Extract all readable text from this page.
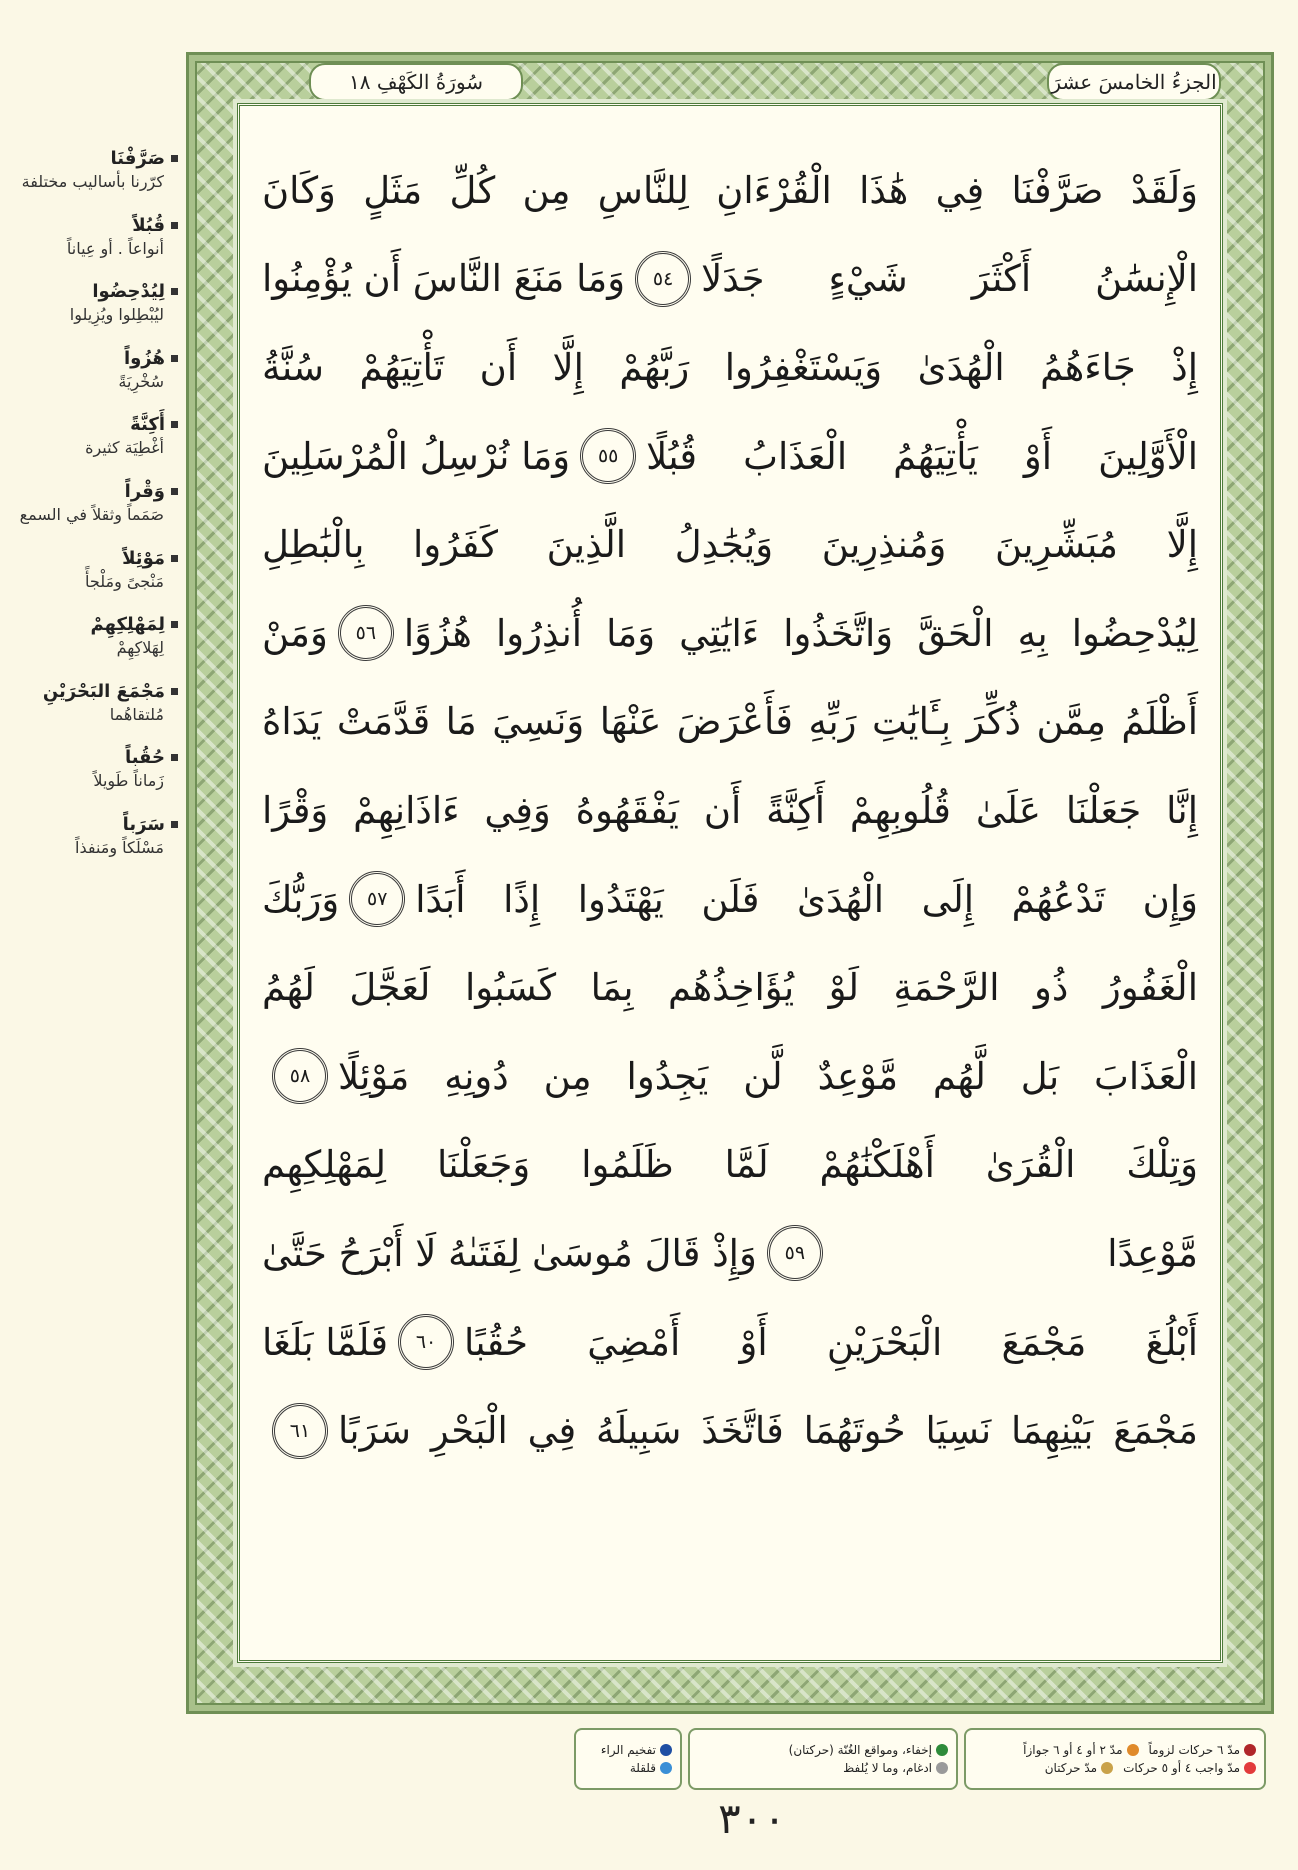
سُورَةُ الكَهْفِ ١٨	الجزءُ الخامسَ عشرَ
وَلَقَدْ صَرَّفْنَا فِي هَٰذَا الْقُرْءَانِ لِلنَّاسِ مِن كُلِّ مَثَلٍ وَكَانَ
الْإِنسَٰنُ أَكْثَرَ شَيْءٍ جَدَلًا
٥٤
وَمَا مَنَعَ النَّاسَ أَن يُؤْمِنُوا
إِذْ جَاءَهُمُ الْهُدَىٰ وَيَسْتَغْفِرُوا رَبَّهُمْ إِلَّا أَن تَأْتِيَهُمْ سُنَّةُ
الْأَوَّلِينَ أَوْ يَأْتِيَهُمُ الْعَذَابُ قُبُلًا
٥٥
وَمَا نُرْسِلُ الْمُرْسَلِينَ
إِلَّا مُبَشِّرِينَ وَمُنذِرِينَ وَيُجَٰدِلُ الَّذِينَ كَفَرُوا بِالْبَٰطِلِ
لِيُدْحِضُوا بِهِ الْحَقَّ وَاتَّخَذُوا ءَايَٰتِي وَمَا أُنذِرُوا هُزُوًا
٥٦
وَمَنْ
أَظْلَمُ مِمَّن ذُكِّرَ بِـَٔايَٰتِ رَبِّهِ فَأَعْرَضَ عَنْهَا وَنَسِيَ مَا قَدَّمَتْ يَدَاهُ
إِنَّا جَعَلْنَا عَلَىٰ قُلُوبِهِمْ أَكِنَّةً أَن يَفْقَهُوهُ وَفِي ءَاذَانِهِمْ وَقْرًا
وَإِن تَدْعُهُمْ إِلَى الْهُدَىٰ فَلَن يَهْتَدُوا إِذًا أَبَدًا
٥٧
وَرَبُّكَ
الْغَفُورُ ذُو الرَّحْمَةِ لَوْ يُؤَاخِذُهُم بِمَا كَسَبُوا لَعَجَّلَ لَهُمُ
الْعَذَابَ بَل لَّهُم مَّوْعِدٌ لَّن يَجِدُوا مِن دُونِهِ مَوْئِلًا
٥٨
وَتِلْكَ الْقُرَىٰ أَهْلَكْنَٰهُمْ لَمَّا ظَلَمُوا وَجَعَلْنَا لِمَهْلِكِهِم
مَّوْعِدًا
٥٩
وَإِذْ قَالَ مُوسَىٰ لِفَتَىٰهُ لَا أَبْرَحُ حَتَّىٰ
أَبْلُغَ مَجْمَعَ الْبَحْرَيْنِ أَوْ أَمْضِيَ حُقُبًا
٦٠
فَلَمَّا بَلَغَا
مَجْمَعَ بَيْنِهِمَا نَسِيَا حُوتَهُمَا فَاتَّخَذَ سَبِيلَهُ فِي الْبَحْرِ سَرَبًا
٦١
صَرَّفْنَا
كرّرنا بأساليب مختلفة
قُبُلاً
أنواعاً . أو عِياناً
لِيُدْحِضُوا
ليُبْطِلوا ويُزِيلوا
هُزُواً
سُخْرِيَةً
أَكِنَّةً
أغْطِيَة كثيرة
وَقْراً
صَمَماً وثقلاً في السمع
مَوْئِلاً
مَنْجىً ومَلْجأً
لِمَهْلِكِهِمْ
لِهَلاكِهِمْ
مَجْمَعَ البَحْرَيْنِ
مُلتقاهُما
حُقُباً
زَماناً طَويلاً
سَرَباً
مَسْلَكاً ومَنفذاً
مدّ ٦ حركات لزوماً
مدّ ٢ أو ٤ أو ٦ جوازاً
مدّ واجب ٤ أو ٥ حركات
مدّ حركتان
إخفاء، ومواقع الغُنّة (حركتان)
ادغام، وما لا يُلفظ
تفخيم الراء
قلقلة
٣٠٠
